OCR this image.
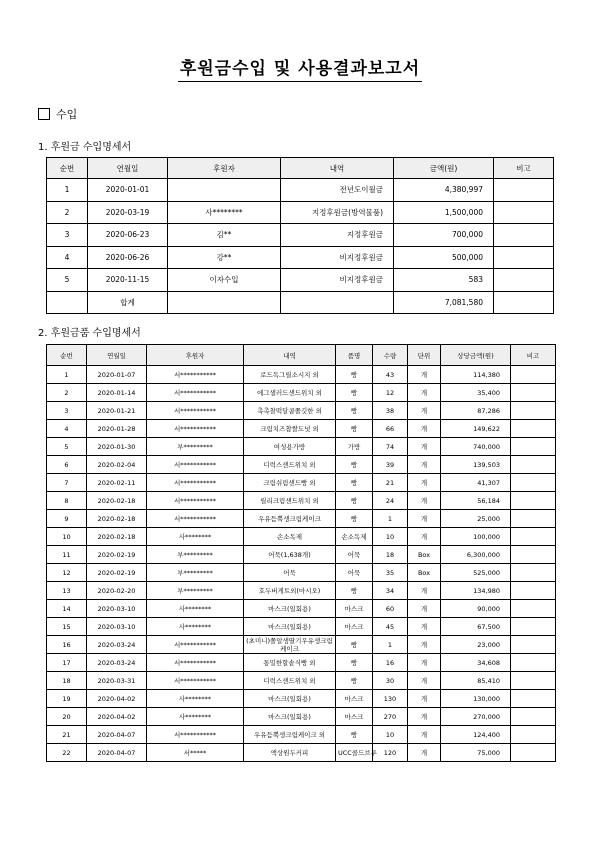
후원금수입 및 사용결과보고서
수입
1. 후원금 수입명세서
순번	연월일	후원자	내역	금액(원)	비고
1	2020-01-01		전년도이월금	4,380,997	
2	2020-03-19	사********	지정후원금(방역물품)	1,500,000	
3	2020-06-23	김**	지정후원금	700,000	
4	2020-06-26	강**	비지정후원금	500,000	
5	2020-11-15	이자수입	비지정후원금	583	
	합계			7,081,580	
2. 후원금품 수입명세서
순번	연월일	후원자	내역	품명	수량	단위	상당금액(원)	비고
1	2020-01-07	서***********	로드독그릴소시지 외	빵	43	개	114,380	
2	2020-01-14	서***********	에그샐러드샌드위치 외	빵	12	개	35,400	
3	2020-01-21	서***********	촉촉찰떡달콤쫄깃한 외	빵	38	개	87,286	
4	2020-01-28	서***********	크림치즈찹쌀도넛 외	빵	66	개	149,622	
5	2020-01-30	부*********	여성용가방	가방	74	개	740,000	
6	2020-02-04	서***********	디럭스샌드위치 외	빵	39	개	139,503	
7	2020-02-11	서***********	크림쉬림샌드빵 외	빵	21	개	41,307	
8	2020-02-18	서***********	릴리크림샌드위치 외	빵	24	개	56,184	
9	2020-02-18	서***********	우유듬뿍생크림케이크	빵	1	개	25,000	
10	2020-02-18	사********	손소독제	손소독제	10	개	100,000	
11	2020-02-19	부*********	어묵(1,638개)	어묵	18	Box	6,300,000	
12	2020-02-19	부*********	어묵	어묵	35	Box	525,000	
13	2020-02-20	부*********	호두버게트외(마시오)	빵	34	개	134,980	
14	2020-03-10	사********	마스크(일회용)	마스크	60	개	90,000	
15	2020-03-10	사********	마스크(일회용)	마스크	45	개	67,500	
16	2020-03-24	서***********	(초미니)쫄알생딸기우유생크림케이크	빵	1	개	23,000	
17	2020-03-24	서***********	통밀한할솥식빵 외	빵	16	개	34,608	
18	2020-03-31	서***********	디럭스샌드위치 외	빵	30	개	85,410	
19	2020-04-02	사********	마스크(일회용)	마스크	130	개	130,000	
20	2020-04-02	사********	마스크(일회용)	마스크	270	개	270,000	
21	2020-04-07	서***********	우유듬뿍생크림케이크 외	빵	10	개	124,400	
22	2020-04-07	서*****	액상원두커피	UCC콜드브루	120	개	75,000	
